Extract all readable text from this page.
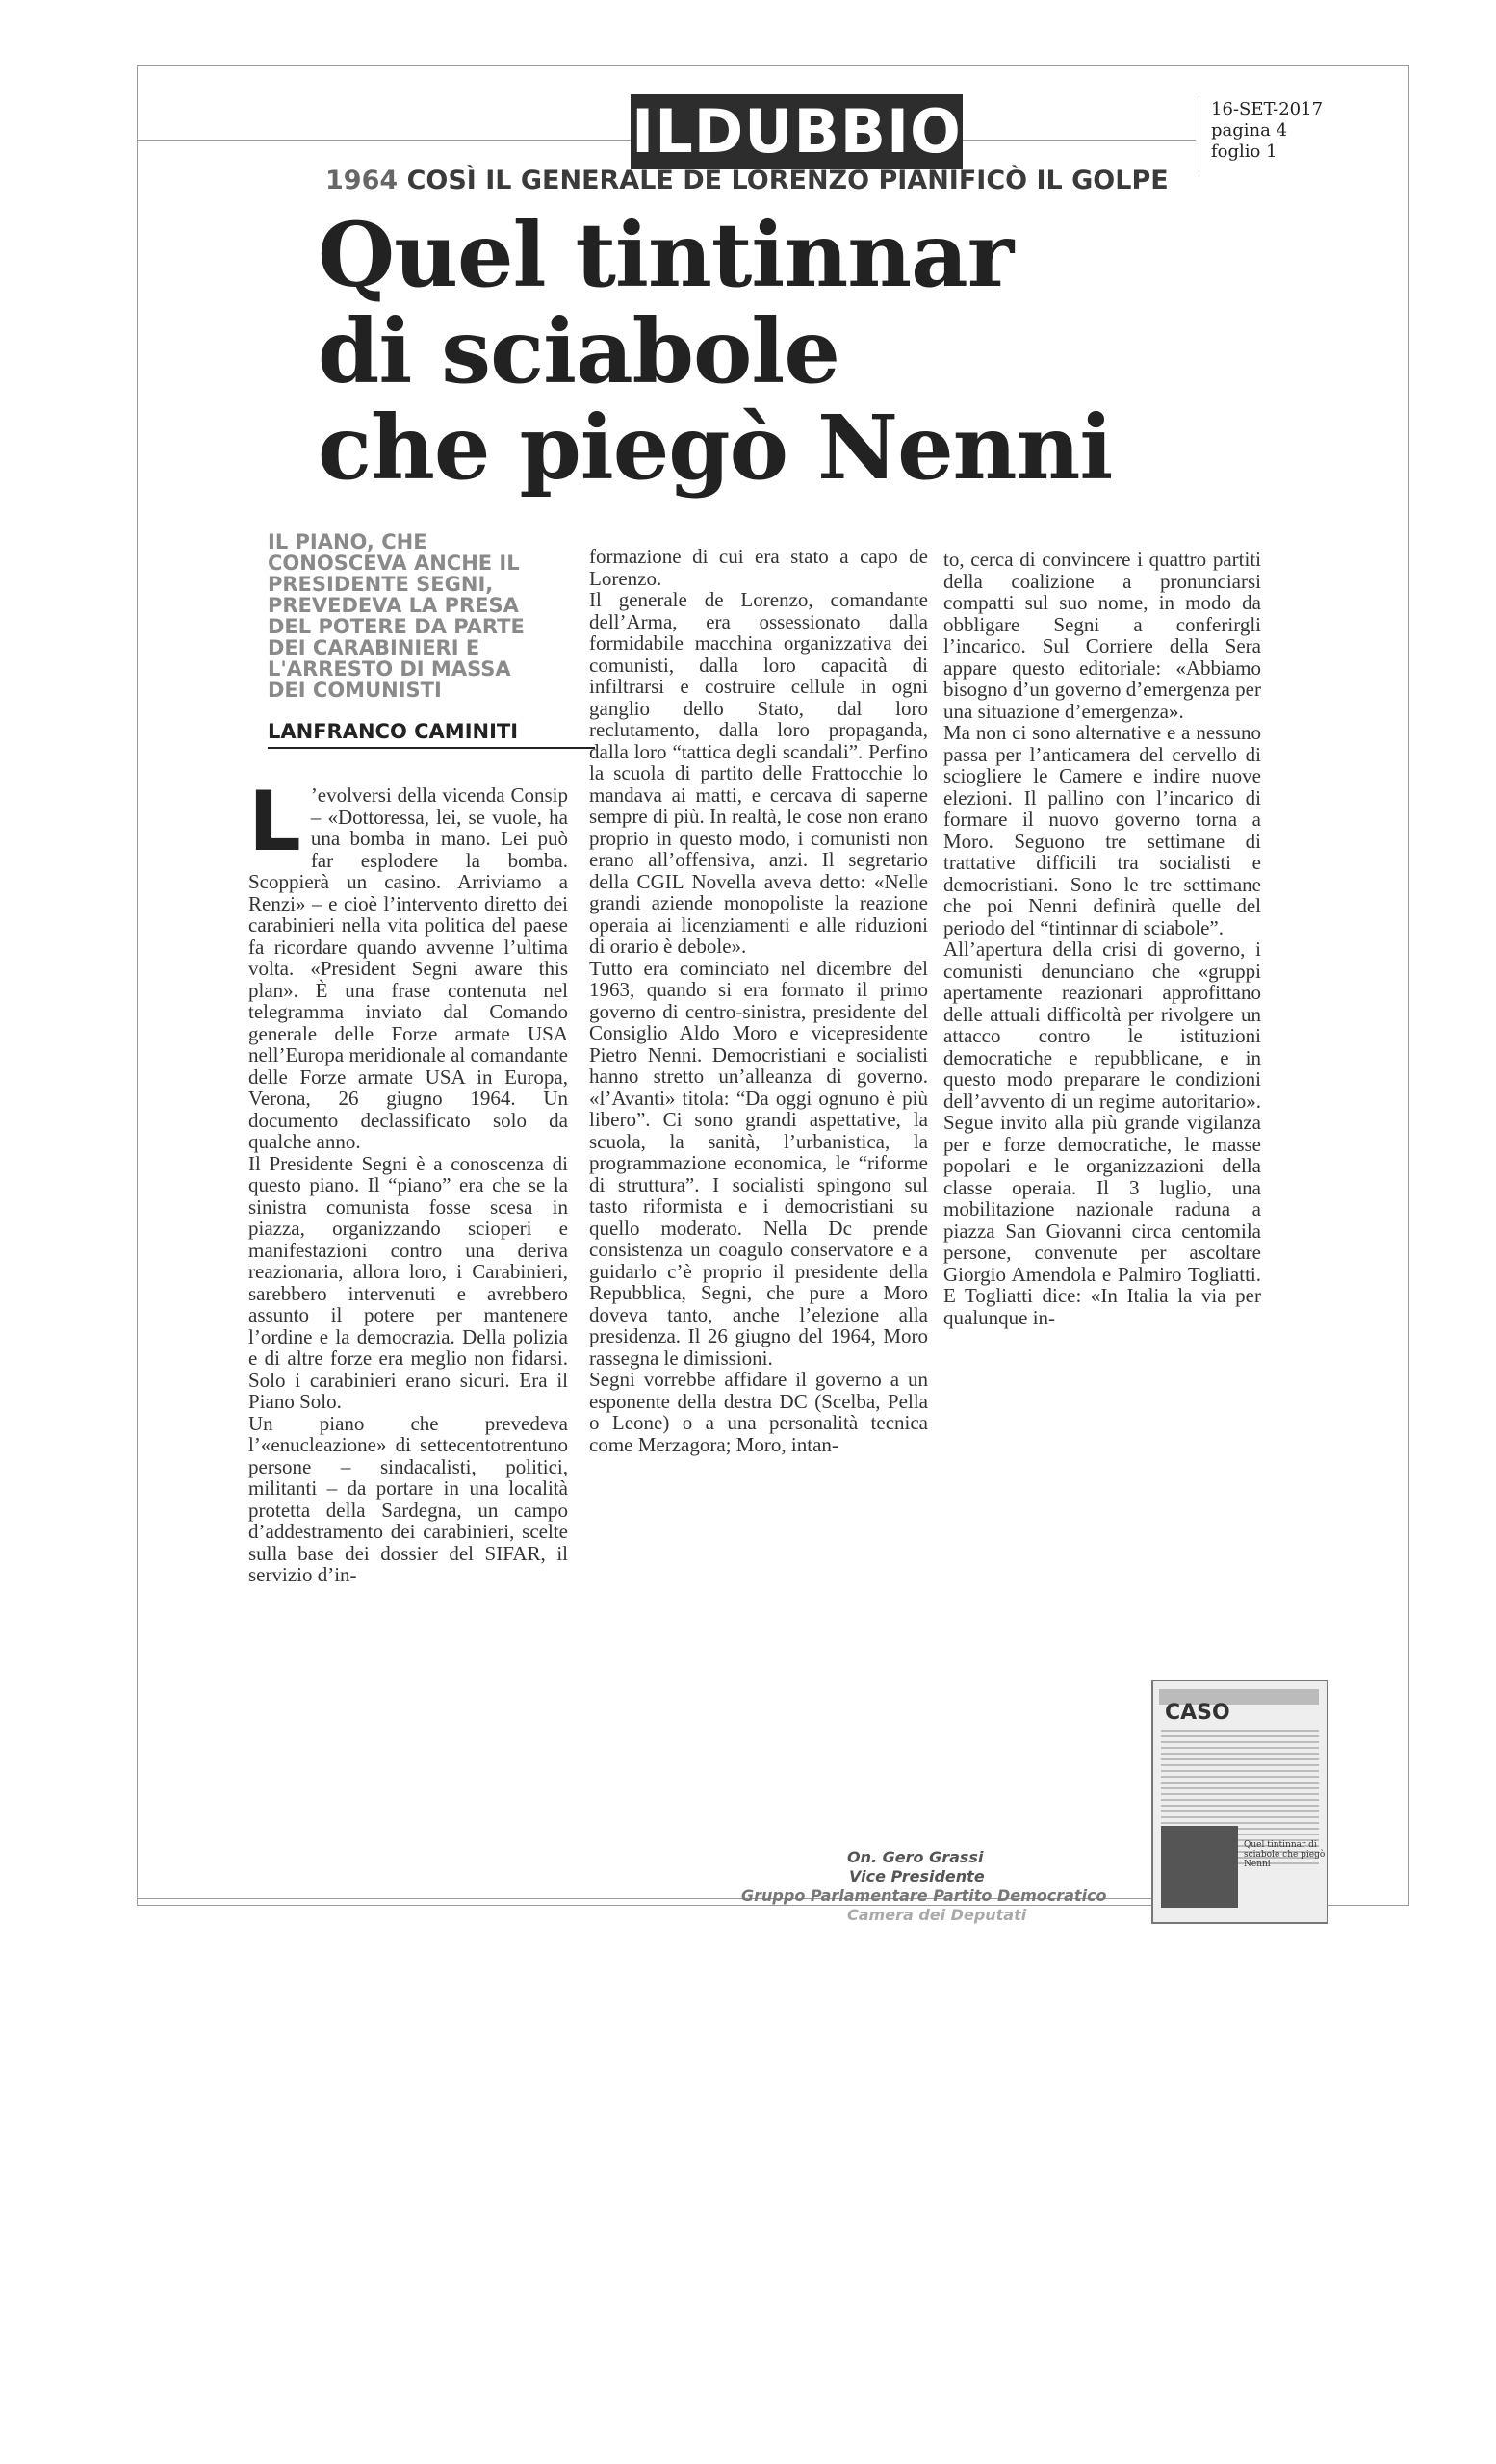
ILDUBBIO	16-SET-2017
pagina 4
foglio 1
1964 COSÌ IL GENERALE DE LORENZO PIANIFICÒ IL GOLPE
Quel tintinnar
di sciabole
che piegò Nenni
IL PIANO, CHE CONOSCEVA ANCHE IL PRESIDENTE SEGNI, PREVEDEVA LA PRESA DEL POTERE DA PARTE DEI CARABINIERI E L'ARRESTO DI MASSA DEI COMUNISTI
LANFRANCO CAMINITI
L ’evolversi della vicenda Consip – «Dottoressa, lei, se vuole, ha una bomba in mano. Lei può far esplodere la bomba. Scoppierà un casino. Arriviamo a Renzi» – e cioè l’intervento diretto dei carabinieri nella vita politica del paese fa ricordare quando avvenne l’ultima volta. «President Segni aware this plan». È una frase contenuta nel telegramma inviato dal Comando generale delle Forze armate USA nell’Europa meridionale al comandante delle Forze armate USA in Europa, Verona, 26 giugno 1964. Un documento declassificato solo da qualche anno.

Il Presidente Segni è a conoscenza di questo piano. Il “piano” era che se la sinistra comunista fosse scesa in piazza, organizzando scioperi e manifestazioni contro una deriva reazionaria, allora loro, i Carabinieri, sarebbero intervenuti e avrebbero assunto il potere per mantenere l’ordine e la democrazia. Della polizia e di altre forze era meglio non fidarsi. Solo i carabinieri erano sicuri. Era il Piano Solo.

Un piano che prevedeva l’«enucleazione» di settecentotrentuno persone – sindacalisti, politici, militanti – da portare in una località protetta della Sardegna, un campo d’addestramento dei carabinieri, scelte sulla base dei dossier del SIFAR, il servizio d’in-

formazione di cui era stato a capo de Lorenzo.

Il generale de Lorenzo, comandante dell’Arma, era ossessionato dalla formidabile macchina organizzativa dei comunisti, dalla loro capacità di infiltrarsi e costruire cellule in ogni ganglio dello Stato, dal loro reclutamento, dalla loro propaganda, dalla loro “tattica degli scandali”. Perfino la scuola di partito delle Frattocchie lo mandava ai matti, e cercava di saperne sempre di più. In realtà, le cose non erano proprio in questo modo, i comunisti non erano all’offensiva, anzi. Il segretario della CGIL Novella aveva detto: «Nelle grandi aziende monopoliste la reazione operaia ai licenziamenti e alle riduzioni di orario è debole».

Tutto era cominciato nel dicembre del 1963, quando si era formato il primo governo di centro-sinistra, presidente del Consiglio Aldo Moro e vicepresidente Pietro Nenni. Democristiani e socialisti hanno stretto un’alleanza di governo. «l’Avanti» titola: “Da oggi ognuno è più libero”. Ci sono grandi aspettative, la scuola, la sanità, l’urbanistica, la programmazione economica, le “riforme di struttura”. I socialisti spingono sul tasto riformista e i democristiani su quello moderato. Nella Dc prende consistenza un coagulo conservatore e a guidarlo c’è proprio il presidente della Repubblica, Segni, che pure a Moro doveva tanto, anche l’elezione alla presidenza. Il 26 giugno del 1964, Moro rassegna le dimissioni.

Segni vorrebbe affidare il governo a un esponente della destra DC (Scelba, Pella o Leone) o a una personalità tecnica come Merzagora; Moro, intan-

to, cerca di convincere i quattro partiti della coalizione a pronunciarsi compatti sul suo nome, in modo da obbligare Segni a conferirgli l’incarico. Sul Corriere della Sera appare questo editoriale: «Abbiamo bisogno d’un governo d’emergenza per una situazione d’emergenza».

Ma non ci sono alternative e a nessuno passa per l’anticamera del cervello di sciogliere le Camere e indire nuove elezioni. Il pallino con l’incarico di formare il nuovo governo torna a Moro. Seguono tre settimane di trattative difficili tra socialisti e democristiani. Sono le tre settimane che poi Nenni definirà quelle del periodo del “tintinnar di sciabole”.

All’apertura della crisi di governo, i comunisti denunciano che «gruppi apertamente reazionari approfittano delle attuali difficoltà per rivolgere un attacco contro le istituzioni democratiche e repubblicane, e in questo modo preparare le condizioni dell’avvento di un regime autoritario». Segue invito alla più grande vigilanza per e forze democratiche, le masse popolari e le organizzazioni della classe operaia. Il 3 luglio, una mobilitazione nazionale raduna a piazza San Giovanni circa centomila persone, convenute per ascoltare Giorgio Amendola e Palmiro Togliatti. E Togliatti dice: «In Italia la via per qualunque in-

CASO
Quel tintinnar di sciabole che piegò Nenni
On. Gero Grassi
Vice Presidente
Gruppo Parlamentare Partito Democratico
Camera dei Deputati
